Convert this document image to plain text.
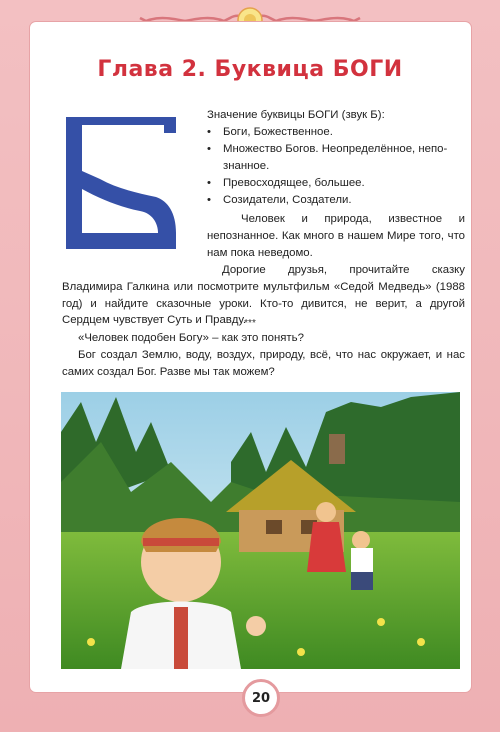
Глава 2. Буквица БОГИ
Значение буквицы БОГИ (звук Б):
• Боги, Божественное.
• Множество Богов. Неопределённое, непо-знанное.
• Превосходящее, большее.
• Созидатели, Создатели.
Человек и природа, известное и непознанное. Как много в нашем Мире того, что нам пока неведомо.
Дорогие друзья, прочитайте сказку Владимира Галкина или посмотрите мультфильм «Седой Медведь» (1988 год) и найдите сказочные уроки. Кто-то дивится, не верит, а другой Сердцем чувствует Суть и Правду.
***
«Человек подобен Богу» – как это понять?
Бог создал Землю, воду, воздух, природу, всё, что нас окружает, и нас самих создал Бог. Разве мы так можем?
20
